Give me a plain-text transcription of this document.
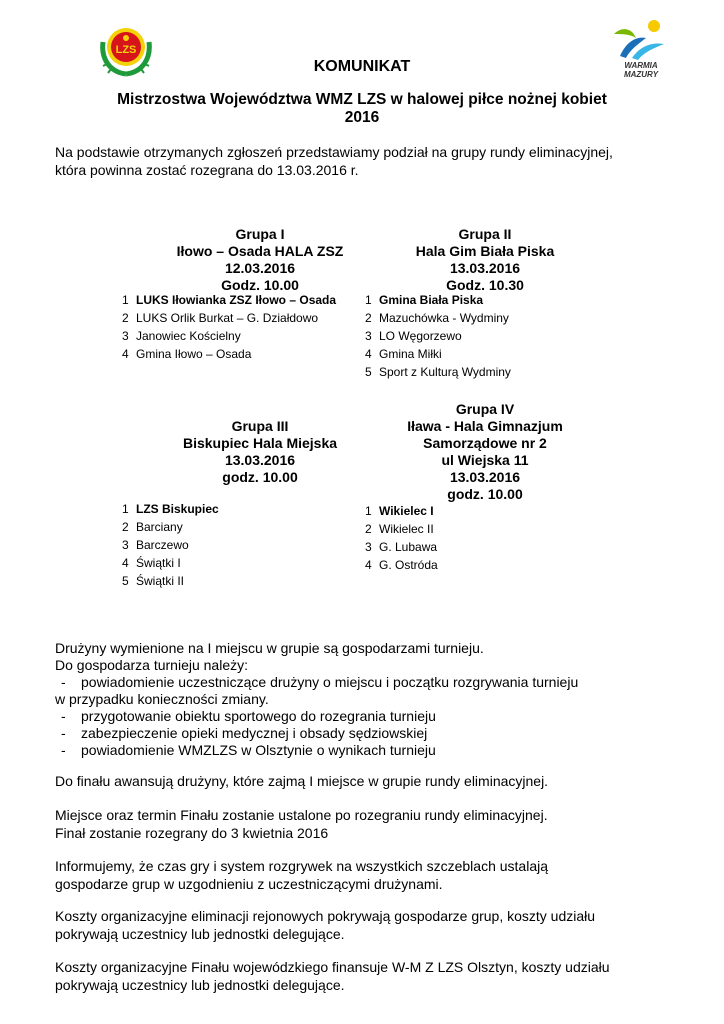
LZS
WARMIA
MAZURY
KOMUNIKAT
Mistrzostwa Województwa WMZ LZS w halowej piłce nożnej kobiet
2016
Na podstawie otrzymanych zgłoszeń przedstawiamy podział na grupy rundy eliminacyjnej,
która powinna zostać rozegrana do 13.03.2016 r.
Grupa I
Iłowo – Osada HALA ZSZ
12.03.2016
Godz. 10.00
1 LUKS Iłowianka ZSZ Iłowo – Osada
2 LUKS Orlik Burkat – G. Działdowo
3 Janowiec Kościelny
4 Gmina Iłowo – Osada
Grupa II
Hala Gim Biała Piska
13.03.2016
Godz. 10.30
1 Gmina Biała Piska
2 Mazuchówka - Wydminy
3 LO Węgorzewo
4 Gmina Miłki
5 Sport z Kulturą Wydminy
Grupa III
Biskupiec Hala Miejska
13.03.2016
godz. 10.00
1 LZS Biskupiec
2 Barciany
3 Barczewo
4 Świątki I
5 Świątki II
Grupa IV
Iława - Hala Gimnazjum
Samorządowe nr 2
ul Wiejska 11
13.03.2016
godz. 10.00
1 Wikielec I
2 Wikielec II
3 G. Lubawa
4 G. Ostróda
Drużyny wymienione na I miejscu w grupie są gospodarzami turnieju.
Do gospodarza turnieju należy:
-	powiadomienie uczestniczące drużyny o miejscu i początku rozgrywania turnieju
w przypadku konieczności zmiany.
-	przygotowanie obiektu sportowego do rozegrania turnieju
-	zabezpieczenie opieki medycznej i obsady sędziowskiej
-	powiadomienie WMZLZS w Olsztynie o wynikach turnieju
Do finału awansują drużyny, które zajmą I miejsce w grupie rundy eliminacyjnej.
Miejsce oraz termin Finału zostanie ustalone po rozegraniu rundy eliminacyjnej.
Finał zostanie rozegrany do 3 kwietnia 2016
Informujemy, że czas gry i system rozgrywek na wszystkich szczeblach ustalają
gospodarze grup w uzgodnieniu z uczestniczącymi drużynami.
Koszty organizacyjne eliminacji rejonowych pokrywają gospodarze grup, koszty udziału
pokrywają uczestnicy lub jednostki delegujące.
Koszty organizacyjne Finału wojewódzkiego finansuje W-M Z LZS Olsztyn, koszty udziału
pokrywają uczestnicy lub jednostki delegujące.
